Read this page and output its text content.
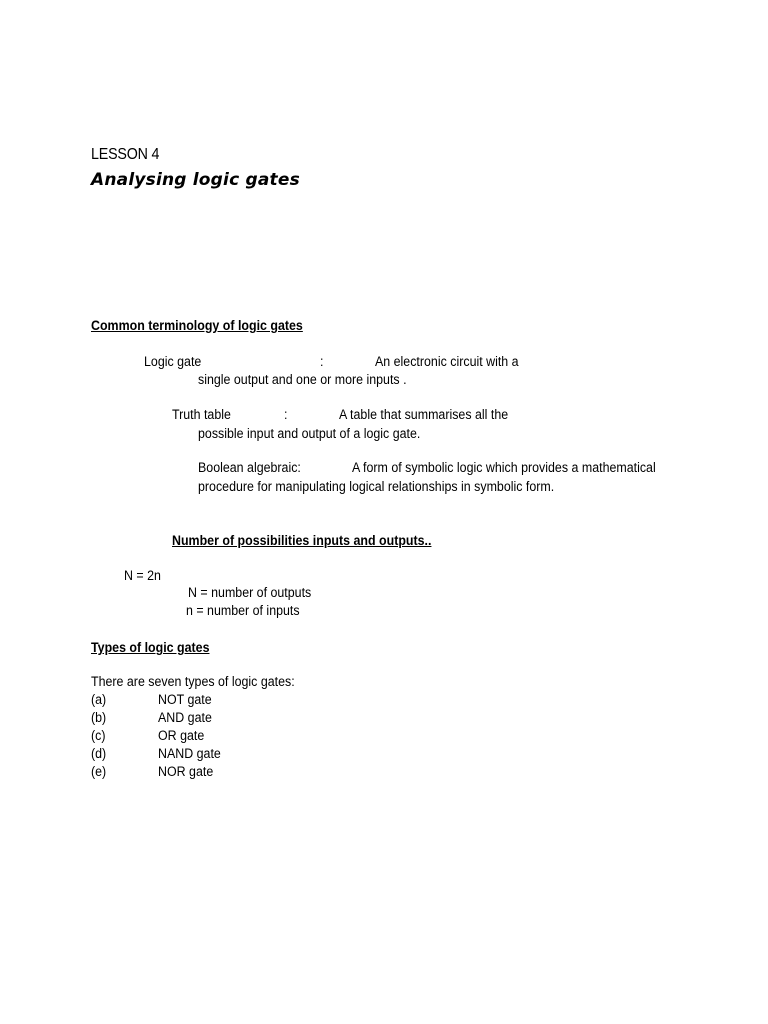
LESSON 4
Analysing logic gates
Common terminology of logic gates
Logic gate	:	An electronic circuit with a
single output and one or more inputs .
Truth table	:	A table that summarises all the
possible input and output of a logic gate.
Boolean algebraic:	A form of symbolic logic which provides a mathematical
procedure for manipulating logical relationships in symbolic form.
Number of possibilities inputs and outputs..
N = 2n
N = number of outputs
n = number of inputs
Types of logic gates
There are seven types of logic gates:
(a)	NOT gate
(b)	AND gate
(c)	OR gate
(d)	NAND gate
(e)	NOR gate
